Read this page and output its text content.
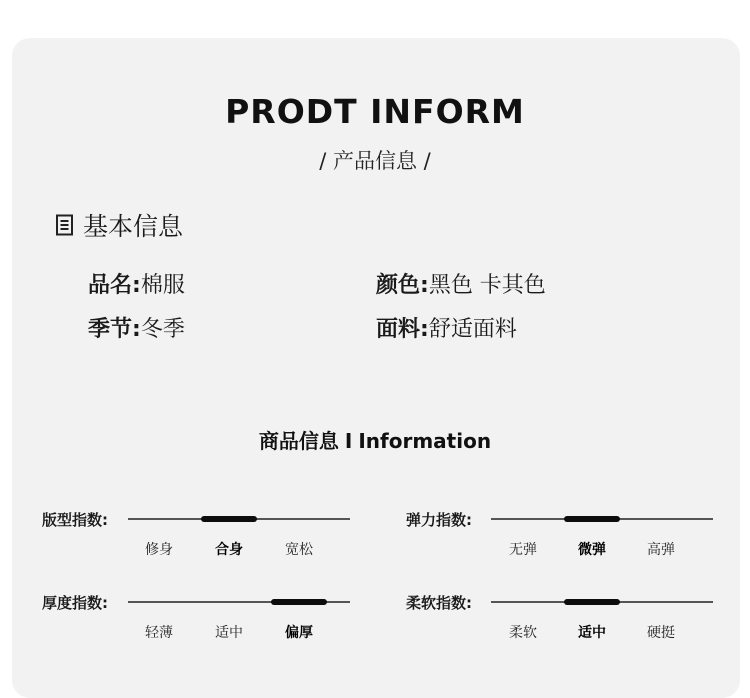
PRODT INFORM
/ 产品信息 /
基本信息
品名:棉服	颜色:黑色 卡其色
季节:冬季	面料:舒适面料
商品信息 I Information
版型指数:
修身	合身	宽松
弹力指数:
无弹	微弹	高弹
厚度指数:
轻薄	适中	偏厚
柔软指数:
柔软	适中	硬挺
